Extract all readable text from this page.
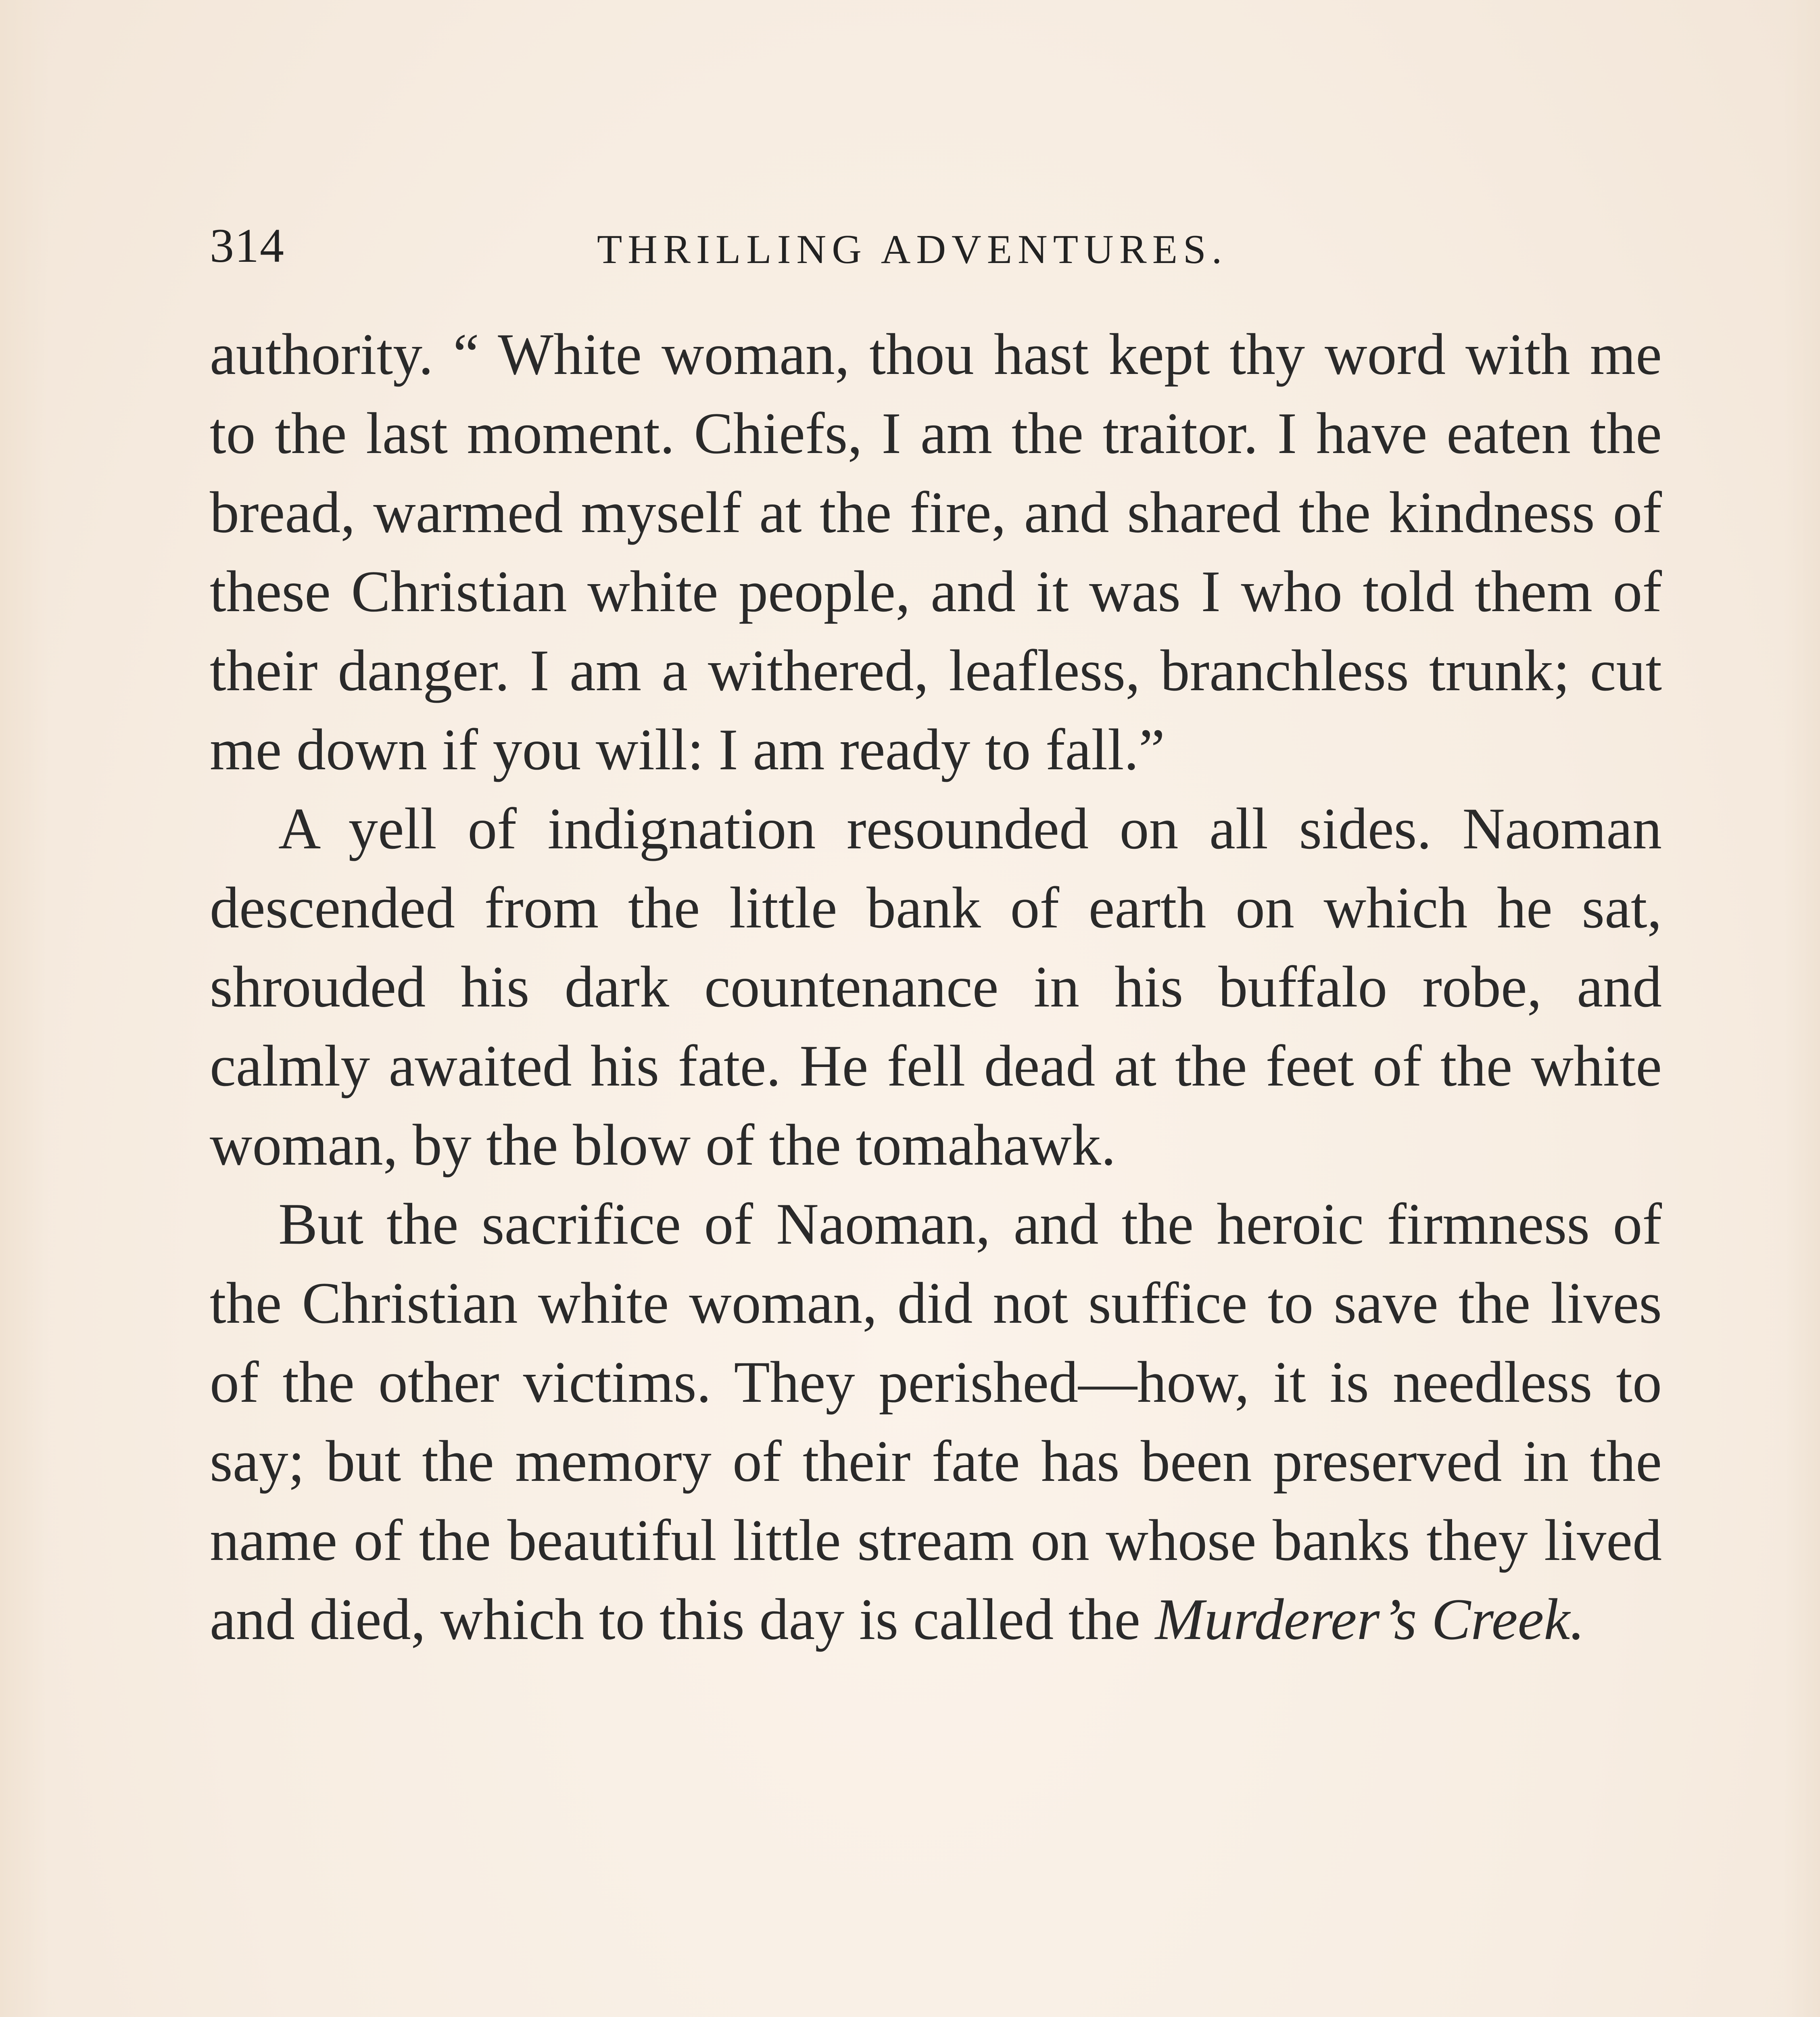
314	THRILLING ADVENTURES.

authority. “ White woman, thou hast kept thy word with me to the last moment. Chiefs, I am the traitor. I have eaten the bread, warmed myself at the fire, and shared the kindness of these Christian white people, and it was I who told them of their danger. I am a withered, leafless, branchless trunk; cut me down if you will: I am ready to fall.”

A yell of indignation resounded on all sides. Naoman descended from the little bank of earth on which he sat, shrouded his dark countenance in his buffalo robe, and calmly awaited his fate. He fell dead at the feet of the white woman, by the blow of the tomahawk.

But the sacrifice of Naoman, and the heroic firmness of the Christian white woman, did not suffice to save the lives of the other victims. They perished—how, it is needless to say; but the memory of their fate has been preserved in the name of the beautiful little stream on whose banks they lived and died, which to this day is called the Murderer’s Creek.
